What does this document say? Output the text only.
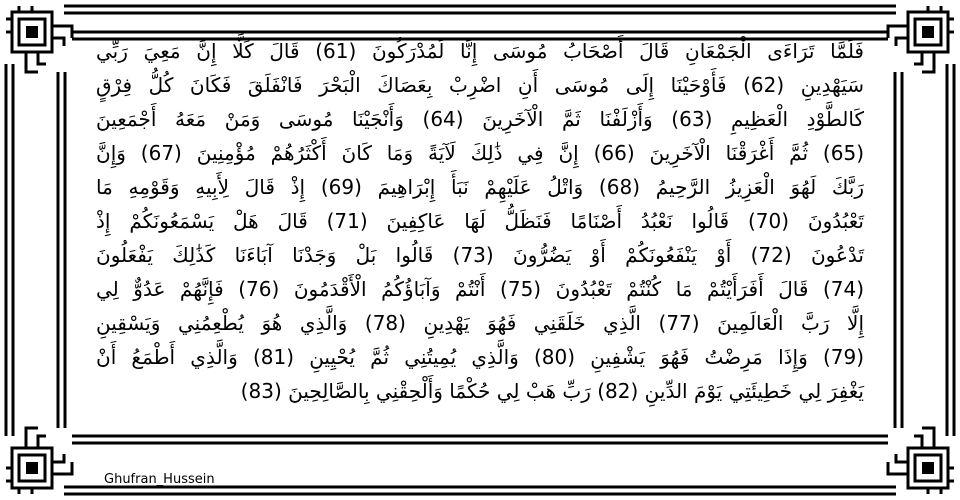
فَلَمَّا تَرَاءَى الْجَمْعَانِ قَالَ أَصْحَابُ مُوسَى إِنَّا لَمُدْرَكُونَ (61) قَالَ كَلَّا إِنَّ مَعِيَ رَبِّي
سَيَهْدِينِ (62) فَأَوْحَيْنَا إِلَى مُوسَى أَنِ اضْرِبْ بِعَصَاكَ الْبَحْرَ فَانْفَلَقَ فَكَانَ كُلُّ فِرْقٍ
كَالطَّوْدِ الْعَظِيمِ (63) وَأَزْلَفْنَا ثَمَّ الْآخَرِينَ (64) وَأَنْجَيْنَا مُوسَى وَمَنْ مَعَهُ أَجْمَعِينَ
(65) ثُمَّ أَغْرَقْنَا الْآخَرِينَ (66) إِنَّ فِي ذَٰلِكَ لَآيَةً وَمَا كَانَ أَكْثَرُهُمْ مُؤْمِنِينَ (67) وَإِنَّ
رَبَّكَ لَهُوَ الْعَزِيزُ الرَّحِيمُ (68) وَاتْلُ عَلَيْهِمْ نَبَأَ إِبْرَاهِيمَ (69) إِذْ قَالَ لِأَبِيهِ وَقَوْمِهِ مَا
تَعْبُدُونَ (70) قَالُوا نَعْبُدُ أَصْنَامًا فَنَظَلُّ لَهَا عَاكِفِينَ (71) قَالَ هَلْ يَسْمَعُونَكُمْ إِذْ
تَدْعُونَ (72) أَوْ يَنْفَعُونَكُمْ أَوْ يَضُرُّونَ (73) قَالُوا بَلْ وَجَدْنَا آبَاءَنَا كَذَٰلِكَ يَفْعَلُونَ
(74) قَالَ أَفَرَأَيْتُمْ مَا كُنْتُمْ تَعْبُدُونَ (75) أَنْتُمْ وَآبَاؤُكُمُ الْأَقْدَمُونَ (76) فَإِنَّهُمْ عَدُوٌّ لِي
إِلَّا رَبَّ الْعَالَمِينَ (77) الَّذِي خَلَقَنِي فَهُوَ يَهْدِينِ (78) وَالَّذِي هُوَ يُطْعِمُنِي وَيَسْقِينِ
(79) وَإِذَا مَرِضْتُ فَهُوَ يَشْفِينِ (80) وَالَّذِي يُمِيتُنِي ثُمَّ يُحْيِينِ (81) وَالَّذِي أَطْمَعُ أَنْ
يَغْفِرَ لِي خَطِيئَتِي يَوْمَ الدِّينِ (82) رَبِّ هَبْ لِي حُكْمًا وَأَلْحِقْنِي بِالصَّالِحِينَ (83)
Ghufran_Hussein
